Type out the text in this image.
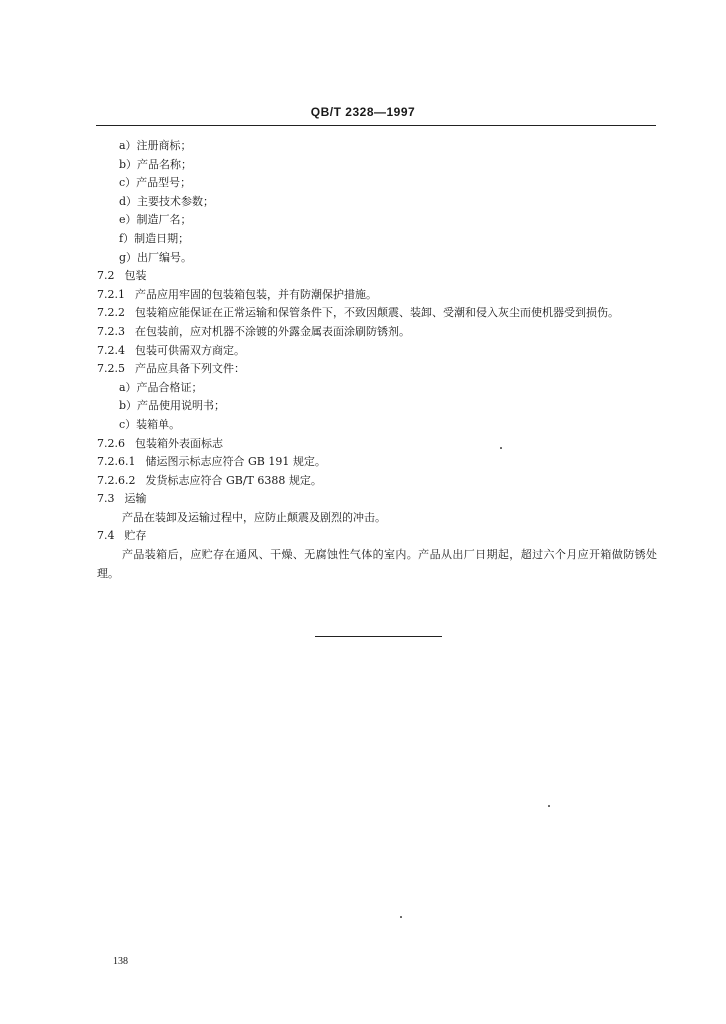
QB/T 2328—1997
a）注册商标；
b）产品名称；
c）产品型号；
d）主要技术参数；
e）制造厂名；
f）制造日期；
g）出厂编号。
7.2 包装
7.2.1 产品应用牢固的包装箱包装，并有防潮保护措施。
7.2.2 包装箱应能保证在正常运输和保管条件下，不致因颠震、装卸、受潮和侵入灰尘而使机器受到损伤。
7.2.3 在包装前，应对机器不涂镀的外露金属表面涂刷防锈剂。
7.2.4 包装可供需双方商定。
7.2.5 产品应具备下列文件：
a）产品合格证；
b）产品使用说明书；
c）装箱单。
7.2.6 包装箱外表面标志
7.2.6.1 储运图示标志应符合 GB 191 规定。
7.2.6.2 发货标志应符合 GB/T 6388 规定。
7.3 运输
产品在装卸及运输过程中，应防止颠震及剧烈的冲击。
7.4 贮存
产品装箱后，应贮存在通风、干燥、无腐蚀性气体的室内。产品从出厂日期起，超过六个月应开箱做防锈处理。
138
